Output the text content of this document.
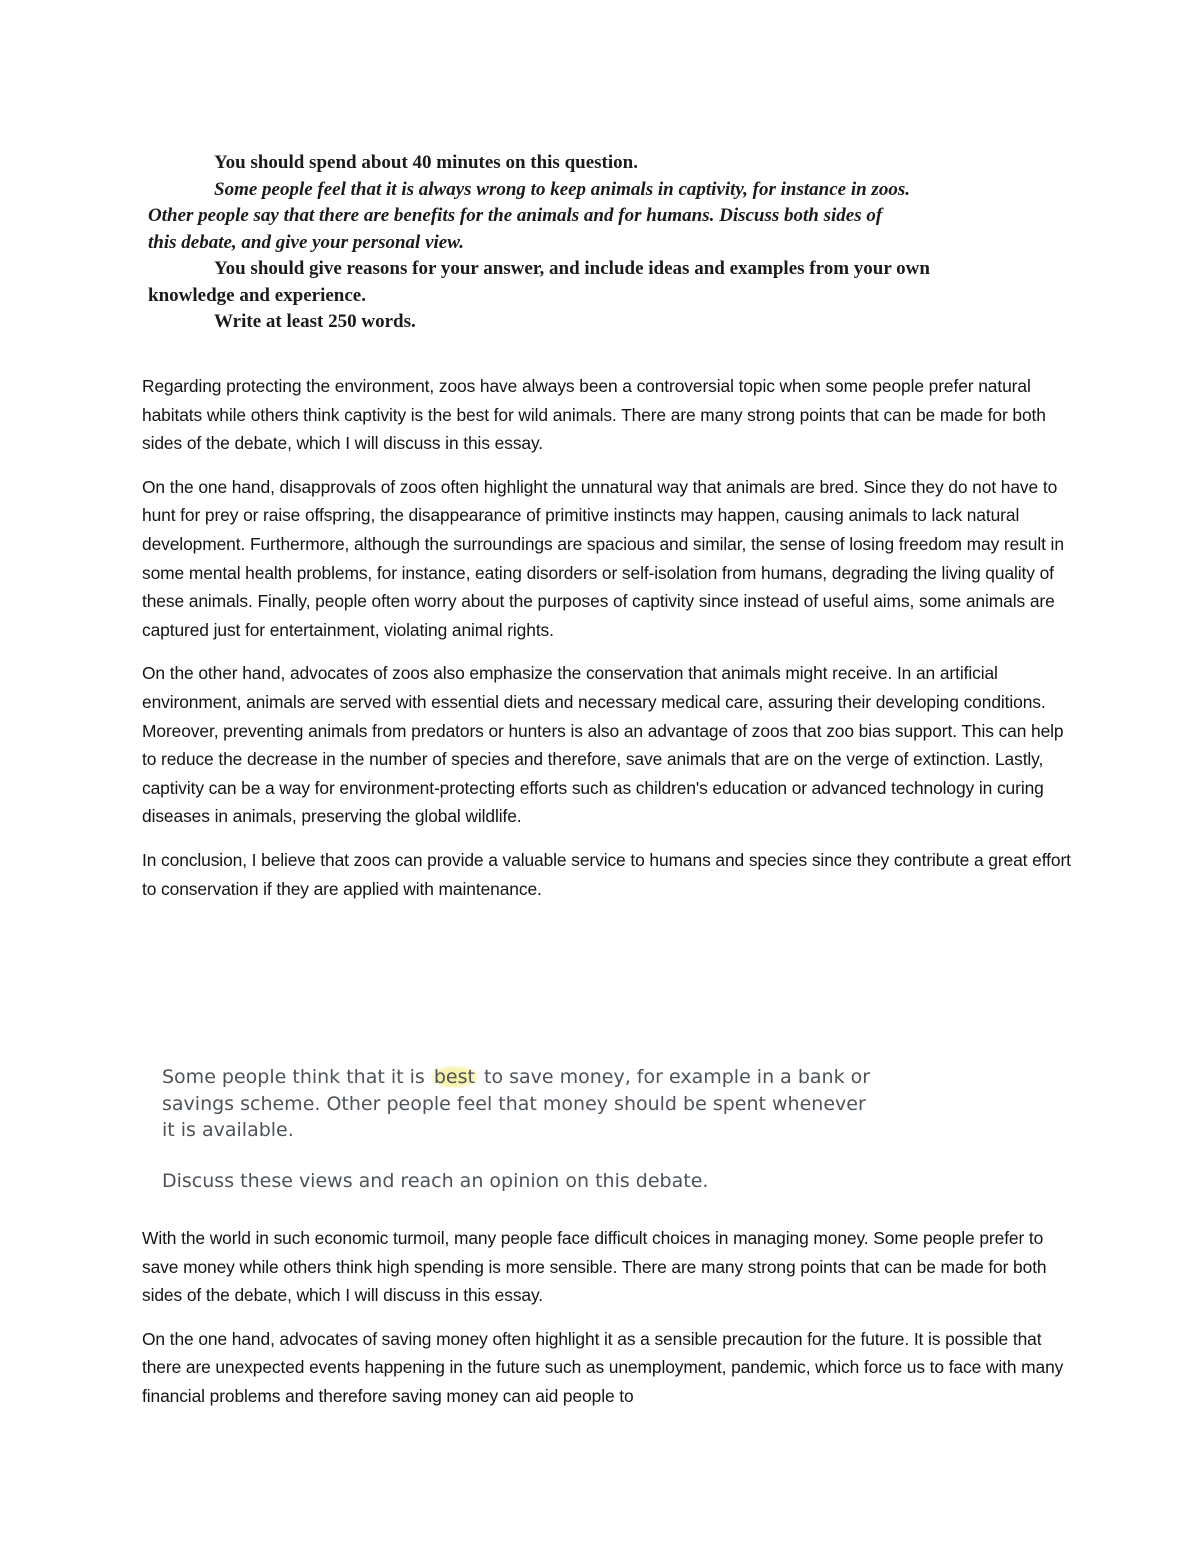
You should spend about 40 minutes on this question.

Some people feel that it is always wrong to keep animals in captivity, for instance in zoos.

Other people say that there are benefits for the animals and for humans. Discuss both sides of

this debate, and give your personal view.

You should give reasons for your answer, and include ideas and examples from your own

knowledge and experience.

Write at least 250 words.

Regarding protecting the environment, zoos have always been a controversial topic when some people prefer natural habitats while others think captivity is the best for wild animals. There are many strong points that can be made for both sides of the debate, which I will discuss in this essay.

On the one hand, disapprovals of zoos often highlight the unnatural way that animals are bred. Since they do not have to hunt for prey or raise offspring, the disappearance of primitive instincts may happen, causing animals to lack natural development. Furthermore, although the surroundings are spacious and similar, the sense of losing freedom may result in some mental health problems, for instance, eating disorders or self-isolation from humans, degrading the living quality of these animals. Finally, people often worry about the purposes of captivity since instead of useful aims, some animals are captured just for entertainment, violating animal rights.

On the other hand, advocates of zoos also emphasize the conservation that animals might receive. In an artificial environment, animals are served with essential diets and necessary medical care, assuring their developing conditions. Moreover, preventing animals from predators or hunters is also an advantage of zoos that zoo bias support. This can help to reduce the decrease in the number of species and therefore, save animals that are on the verge of extinction. Lastly, captivity can be a way for environment-protecting efforts such as children's education or advanced technology in curing diseases in animals, preserving the global wildlife.

In conclusion, I believe that zoos can provide a valuable service to humans and species since they contribute a great effort to conservation if they are applied with maintenance.

Some people think that it is best to save money, for example in a bank or savings scheme. Other people feel that money should be spent whenever it is available.

Discuss these views and reach an opinion on this debate.

With the world in such economic turmoil, many people face difficult choices in managing money. Some people prefer to save money while others think high spending is more sensible. There are many strong points that can be made for both sides of the debate, which I will discuss in this essay.

On the one hand, advocates of saving money often highlight it as a sensible precaution for the future. It is possible that there are unexpected events happening in the future such as unemployment, pandemic, which force us to face with many financial problems and therefore saving money can aid people to
